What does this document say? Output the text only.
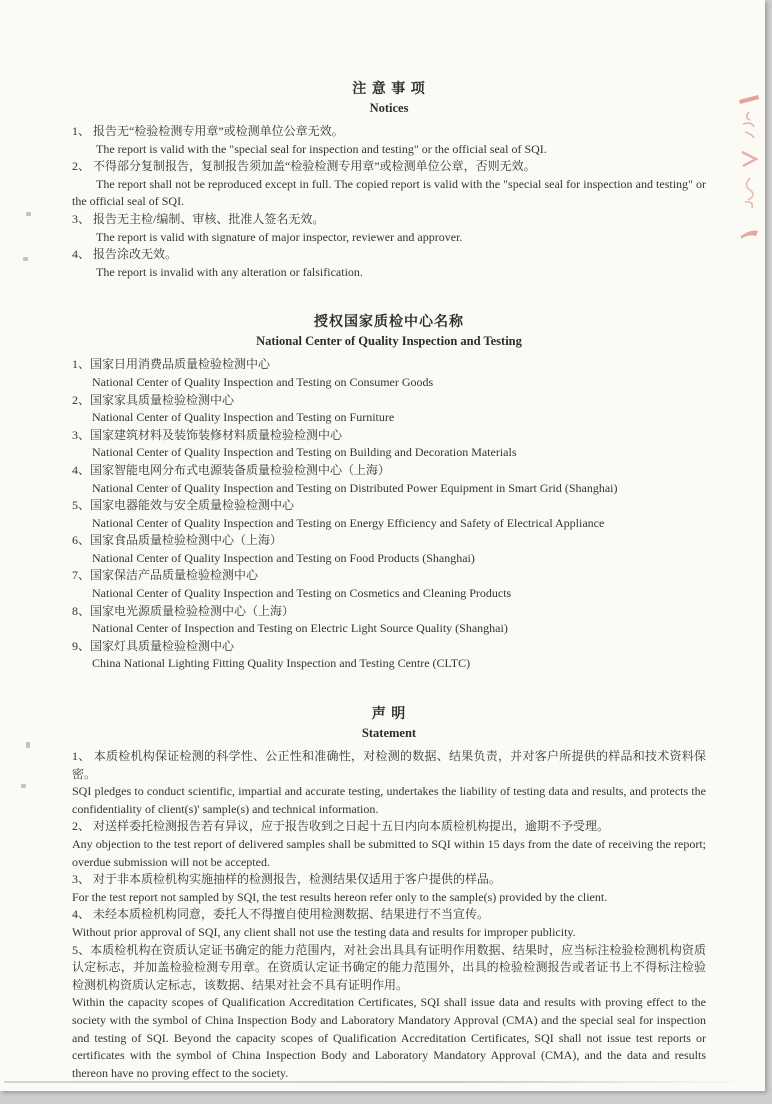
注 意 事 项
Notices

1、 报告无“检验检测专用章”或检测单位公章无效。

The report is valid with the "special seal for inspection and testing" or the official seal of SQI.

2、 不得部分复制报告，复制报告须加盖“检验检测专用章”或检测单位公章，否则无效。

The report shall not be reproduced except in full. The copied report is valid with the "special seal for inspection and testing" or the official seal of SQI.

3、 报告无主检/编制、审核、批准人签名无效。

The report is valid with signature of major inspector, reviewer and approver.

4、 报告涂改无效。

The report is invalid with any alteration or falsification.

授权国家质检中心名称
National Center of Quality Inspection and Testing

1、国家日用消费品质量检验检测中心

National Center of Quality Inspection and Testing on Consumer Goods

2、国家家具质量检验检测中心

National Center of Quality Inspection and Testing on Furniture

3、国家建筑材料及装饰装修材料质量检验检测中心

National Center of Quality Inspection and Testing on Building and Decoration Materials

4、国家智能电网分布式电源装备质量检验检测中心（上海）

National Center of Quality Inspection and Testing on Distributed Power Equipment in Smart Grid (Shanghai)

5、国家电器能效与安全质量检验检测中心

National Center of Quality Inspection and Testing on Energy Efficiency and Safety of Electrical Appliance

6、国家食品质量检验检测中心（上海）

National Center of Quality Inspection and Testing on Food Products (Shanghai)

7、国家保洁产品质量检验检测中心

National Center of Quality Inspection and Testing on Cosmetics and Cleaning Products

8、国家电光源质量检验检测中心（上海）

National Center of Inspection and Testing on Electric Light Source Quality (Shanghai)

9、国家灯具质量检验检测中心

China National Lighting Fitting Quality Inspection and Testing Centre (CLTC)

声 明
Statement

1、 本质检机构保证检测的科学性、公正性和准确性，对检测的数据、结果负责，并对客户所提供的样品和技术资料保密。

SQI pledges to conduct scientific, impartial and accurate testing, undertakes the liability of testing data and results, and protects the confidentiality of client(s)' sample(s) and technical information.

2、 对送样委托检测报告若有异议，应于报告收到之日起十五日内向本质检机构提出，逾期不予受理。

Any objection to the test report of delivered samples shall be submitted to SQI within 15 days from the date of receiving the report; overdue submission will not be accepted.

3、 对于非本质检机构实施抽样的检测报告，检测结果仅适用于客户提供的样品。

For the test report not sampled by SQI, the test results hereon refer only to the sample(s) provided by the client.

4、 未经本质检机构同意，委托人不得擅自使用检测数据、结果进行不当宣传。

Without prior approval of SQI, any client shall not use the testing data and results for improper publicity.

5、本质检机构在资质认定证书确定的能力范围内，对社会出具具有证明作用数据、结果时，应当标注检验检测机构资质认定标志，并加盖检验检测专用章。在资质认定证书确定的能力范围外，出具的检验检测报告或者证书上不得标注检验检测机构资质认定标志，该数据、结果对社会不具有证明作用。

Within the capacity scopes of Qualification Accreditation Certificates, SQI shall issue data and results with proving effect to the society with the symbol of China Inspection Body and Laboratory Mandatory Approval (CMA) and the special seal for inspection and testing of SQI. Beyond the capacity scopes of Qualification Accreditation Certificates, SQI shall not issue test reports or certificates with the symbol of China Inspection Body and Laboratory Mandatory Approval (CMA), and the data and results thereon have no proving effect to the society.
